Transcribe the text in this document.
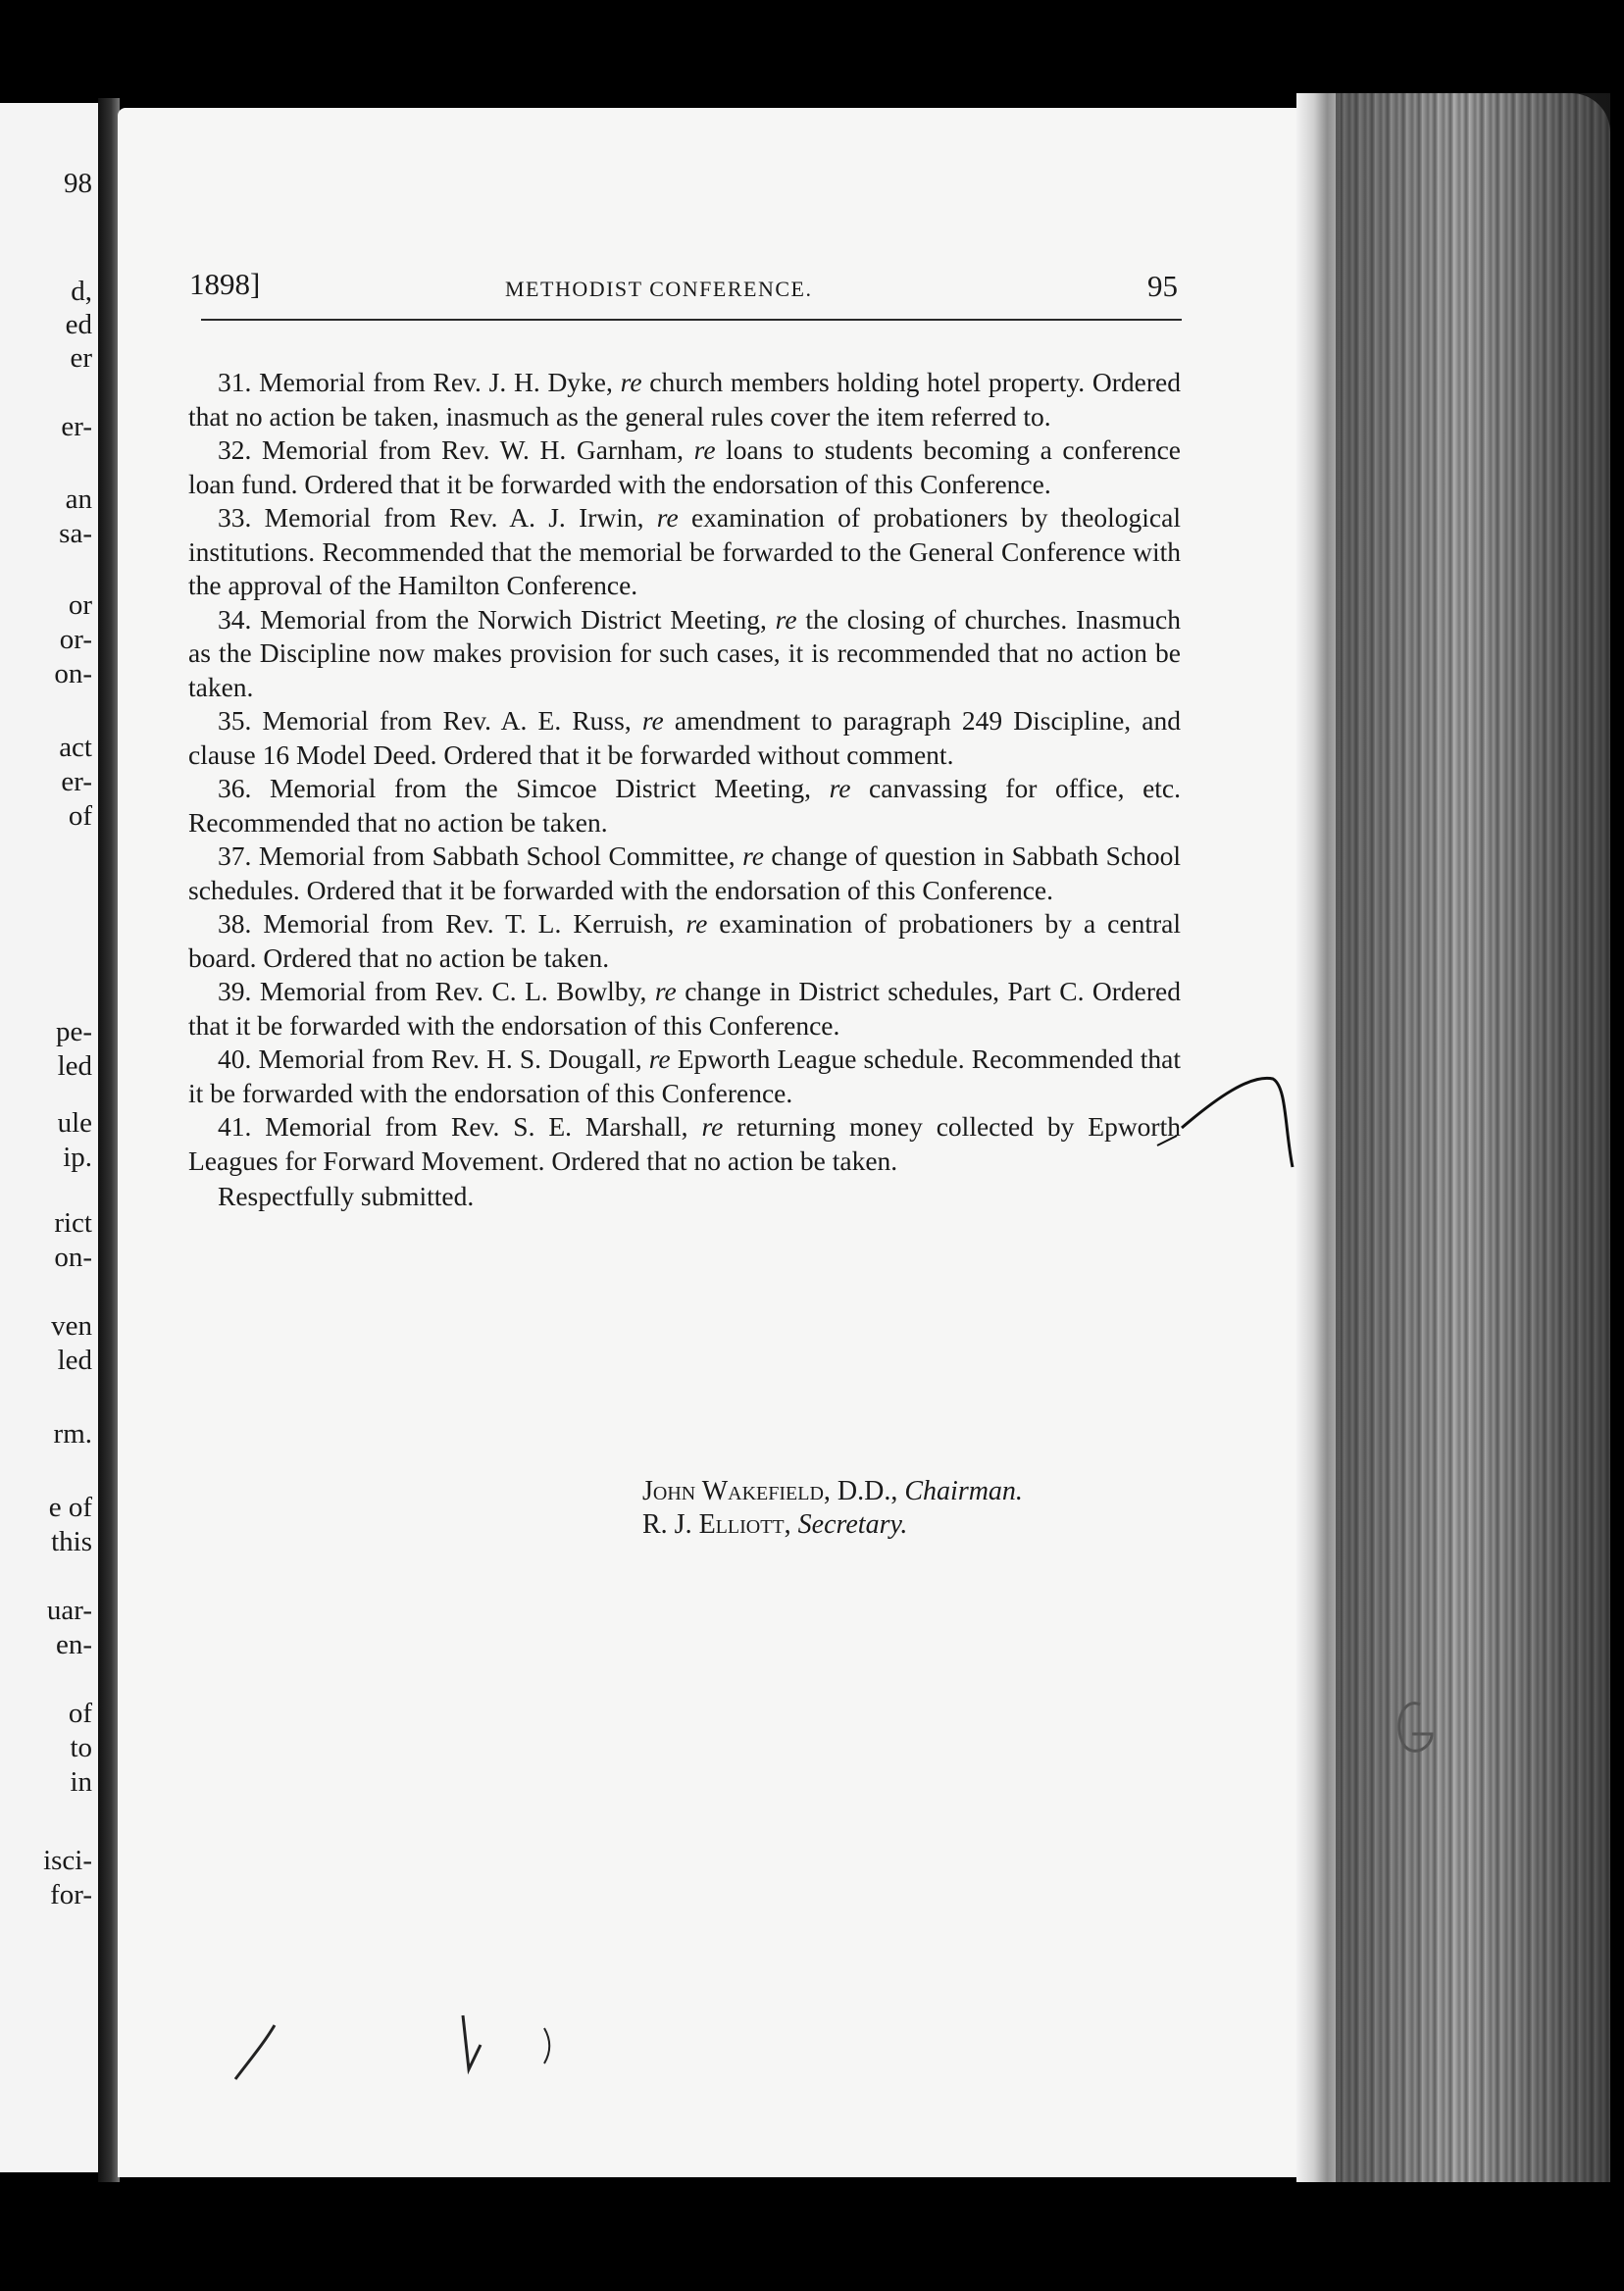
98
d,
ed
er
er-
an
sa-
or
or-
on-
act
er-
of
pe-
led
ule
ip.
rict
on-
ven
led
rm.
e of
this
uar-
en-
of
to
in
isci-
for-
1898]	METHODIST CONFERENCE.	95

31. Memorial from Rev. J. H. Dyke, re church members holding hotel property. Ordered that no action be taken, inasmuch as the general rules cover the item referred to.

32. Memorial from Rev. W. H. Garnham, re loans to students becoming a conference loan fund. Ordered that it be forwarded with the endorsation of this Conference.

33. Memorial from Rev. A. J. Irwin, re examination of probationers by theological institutions. Recommended that the memorial be forwarded to the General Conference with the approval of the Hamilton Conference.

34. Memorial from the Norwich District Meeting, re the closing of churches. Inasmuch as the Discipline now makes provision for such cases, it is recommended that no action be taken.

35. Memorial from Rev. A. E. Russ, re amendment to paragraph 249 Discipline, and clause 16 Model Deed. Ordered that it be forwarded without comment.

36. Memorial from the Simcoe District Meeting, re canvassing for office, etc. Recommended that no action be taken.

37. Memorial from Sabbath School Committee, re change of question in Sabbath School schedules. Ordered that it be forwarded with the endorsation of this Conference.

38. Memorial from Rev. T. L. Kerruish, re examination of probationers by a central board. Ordered that no action be taken.

39. Memorial from Rev. C. L. Bowlby, re change in District schedules, Part C. Ordered that it be forwarded with the endorsation of this Conference.

40. Memorial from Rev. H. S. Dougall, re Epworth League schedule. Recommended that it be forwarded with the endorsation of this Conference.

41. Memorial from Rev. S. E. Marshall, re returning money collected by Epworth Leagues for Forward Movement. Ordered that no action be taken.

Respectfully submitted.

John Wakefield, D.D., Chairman.
R. J. Elliott, Secretary.
